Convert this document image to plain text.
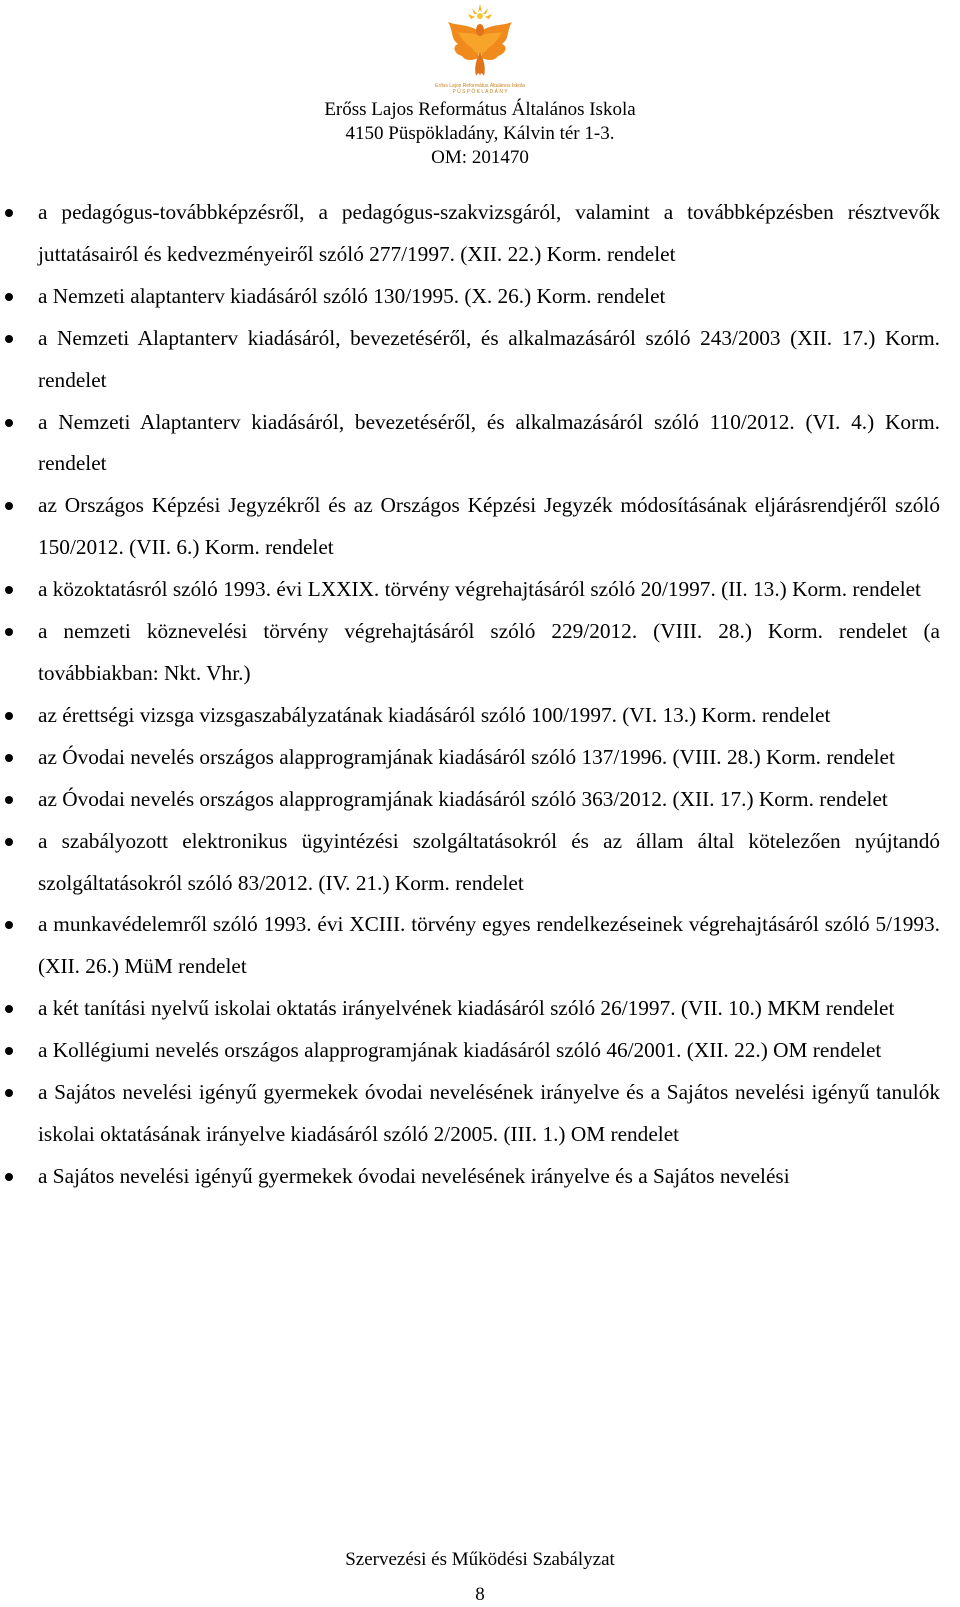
Erőss Lajos Református Általános Iskola
P Ü S P Ö K L A D Á N Y
Erőss Lajos Református Általános Iskola
4150 Püspökladány, Kálvin tér 1-3.
OM: 201470
a pedagógus-továbbképzésről, a pedagógus-szakvizsgáról, valamint a továbbképzésben résztvevők juttatásairól és kedvezményeiről szóló 277/1997. (XII. 22.) Korm. rendelet
a Nemzeti alaptanterv kiadásáról szóló 130/1995. (X. 26.) Korm. rendelet
a Nemzeti Alaptanterv kiadásáról, bevezetéséről, és alkalmazásáról szóló 243/2003 (XII. 17.) Korm. rendelet
a Nemzeti Alaptanterv kiadásáról, bevezetéséről, és alkalmazásáról szóló 110/2012. (VI. 4.) Korm. rendelet
az Országos Képzési Jegyzékről és az Országos Képzési Jegyzék módosításának eljárásrendjéről szóló 150/2012. (VII. 6.) Korm. rendelet
a közoktatásról szóló 1993. évi LXXIX. törvény végrehajtásáról szóló 20/1997. (II. 13.) Korm. rendelet
a nemzeti köznevelési törvény végrehajtásáról szóló 229/2012. (VIII. 28.) Korm. rendelet (a továbbiakban: Nkt. Vhr.)
az érettségi vizsga vizsgaszabályzatának kiadásáról szóló 100/1997. (VI. 13.) Korm. rendelet
az Óvodai nevelés országos alapprogramjának kiadásáról szóló 137/1996. (VIII. 28.) Korm. rendelet
az Óvodai nevelés országos alapprogramjának kiadásáról szóló 363/2012. (XII. 17.) Korm. rendelet
a szabályozott elektronikus ügyintézési szolgáltatásokról és az állam által kötelezően nyújtandó szolgáltatásokról szóló 83/2012. (IV. 21.) Korm. rendelet
a munkavédelemről szóló 1993. évi XCIII. törvény egyes rendelkezéseinek végrehajtásáról szóló 5/1993. (XII. 26.) MüM rendelet
a két tanítási nyelvű iskolai oktatás irányelvének kiadásáról szóló 26/1997. (VII. 10.) MKM rendelet
a Kollégiumi nevelés országos alapprogramjának kiadásáról szóló 46/2001. (XII. 22.) OM rendelet
a Sajátos nevelési igényű gyermekek óvodai nevelésének irányelve és a Sajátos nevelési igényű tanulók iskolai oktatásának irányelve kiadásáról szóló 2/2005. (III. 1.) OM rendelet
a Sajátos nevelési igényű gyermekek óvodai nevelésének irányelve és a Sajátos nevelési
Szervezési és Működési Szabályzat
8
